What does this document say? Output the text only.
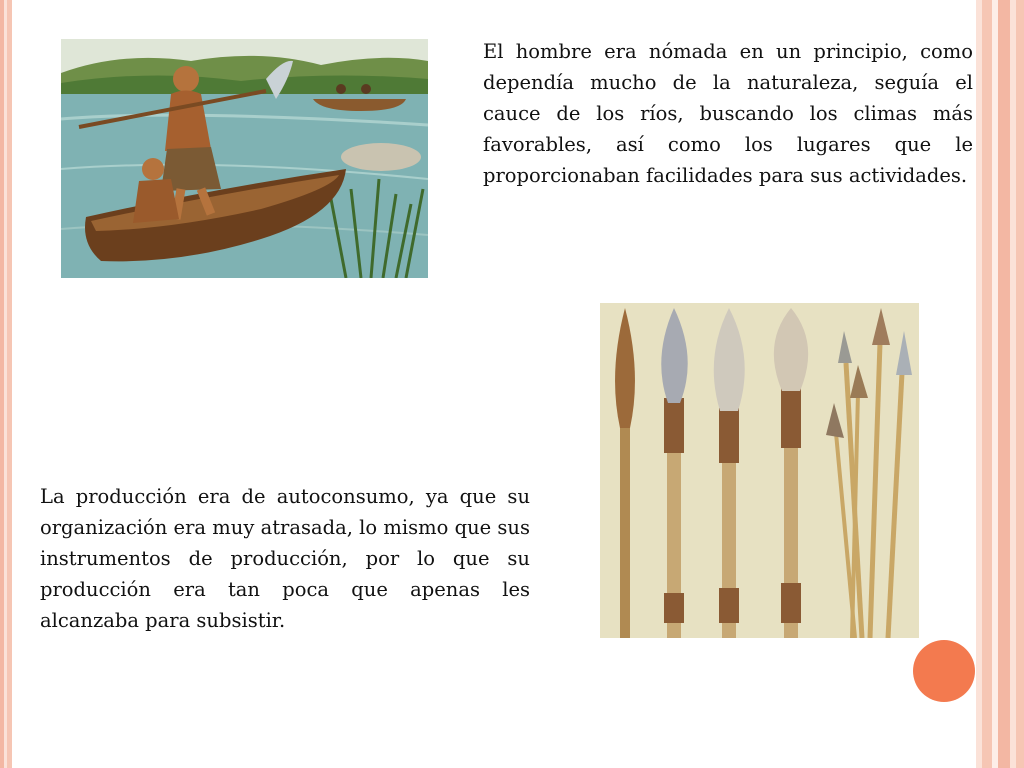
El hombre era nómada en un principio, como dependía mucho de la naturaleza, seguía el cauce de los ríos, buscando los climas más favorables, así como los lugares que le proporcionaban facilidades para sus actividades.

La producción era de autoconsumo, ya que su organización era muy atrasada, lo mismo que sus instrumentos de producción, por lo que su producción era tan poca que apenas les alcanzaba para subsistir.
